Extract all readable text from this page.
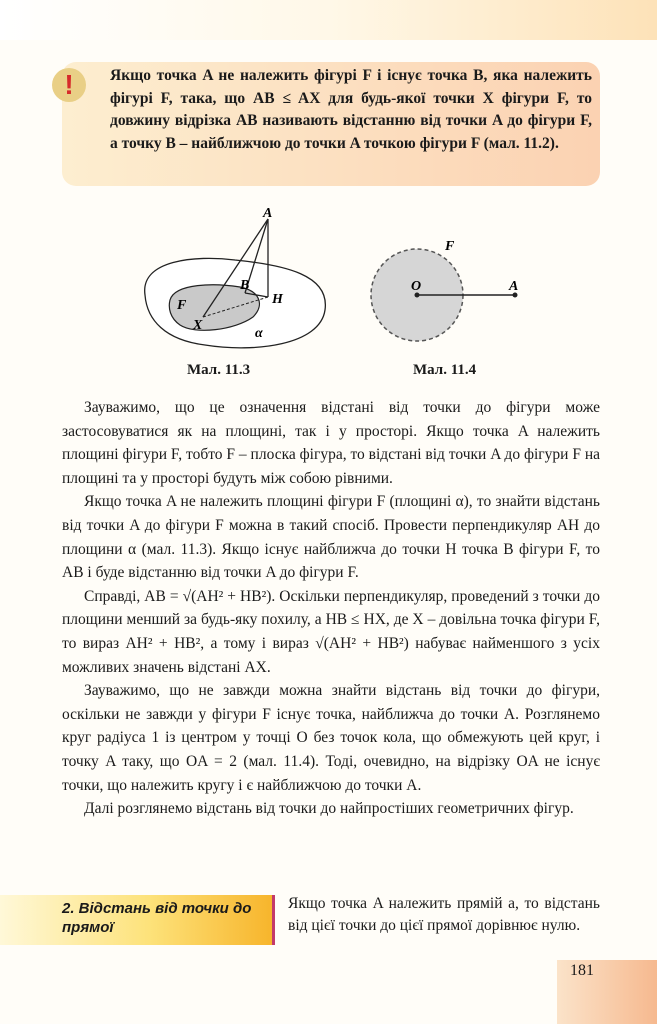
!	Якщо точка A не належить фігурі F і існує точка B, яка належить фігурі F, така, що AB ≤ AX для будь-якої точки X фігури F, то довжину відрізка AB називають відстанню від точки A до фігури F, а точку B – найближчою до точки A точкою фігури F (мал. 11.2).
A
B
H
F
X
α
Мал. 11.3
F
O	A
Мал. 11.4

Зауважимо, що це означення відстані від точки до фігури може застосовуватися як на площині, так і у просторі. Якщо точка A належить площині фігури F, тобто F – плоска фігура, то відстані від точки A до фігури F на площині та у просторі будуть між собою рівними.

Якщо точка A не належить площині фігури F (площині α), то знайти відстань від точки A до фігури F можна в такий спосіб. Провести перпендикуляр AH до площини α (мал. 11.3). Якщо існує найближча до точки H точка B фігури F, то AB і буде відстанню від точки A до фігури F.

Справді, AB = √(AH² + HB²). Оскільки перпендикуляр, проведений з точки до площини менший за будь-яку похилу, а HB ≤ HX, де X – довільна точка фігури F, то вираз AH² + HB², а тому і вираз √(AH² + HB²) набуває найменшого з усіх можливих значень відстані AX.

Зауважимо, що не завжди можна знайти відстань від точки до фігури, оскільки не завжди у фігури F існує точка, найближча до точки A. Розглянемо круг радіуса 1 із центром у точці O без точок кола, що обмежують цей круг, і точку A таку, що OA = 2 (мал. 11.4). Тоді, очевидно, на відрізку OA не існує точки, що належить кругу і є найближчою до точки A.

Далі розглянемо відстань від точки до найпростіших геометричних фігур.

2. Відстань від точки до прямої
Якщо точка A належить прямій a, то відстань від цієї точки до цієї прямої дорівнює нулю.
181
